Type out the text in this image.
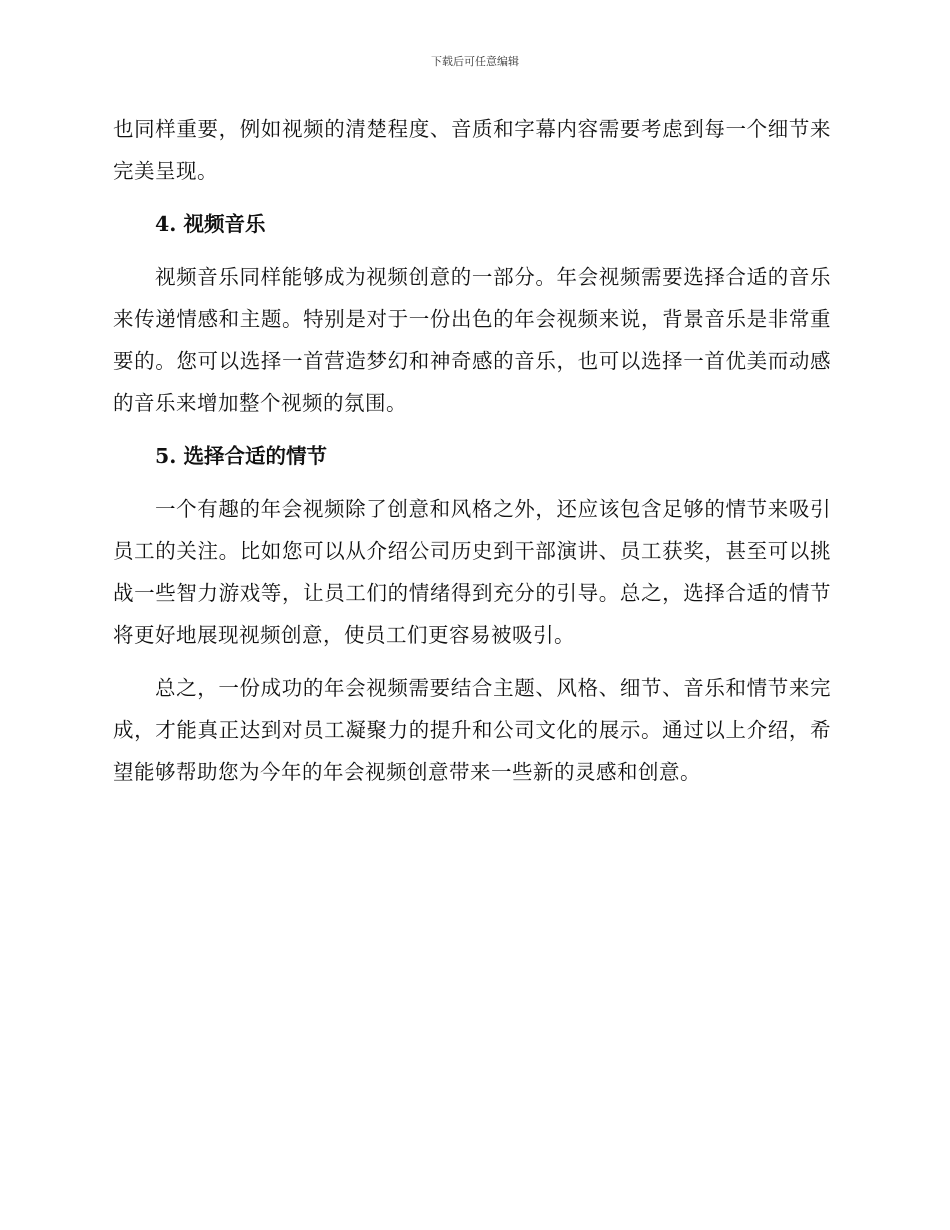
下载后可任意编辑

也同样重要，例如视频的清楚程度、音质和字幕内容需要考虑到每一个细节来完美呈现。

4. 视频音乐

视频音乐同样能够成为视频创意的一部分。年会视频需要选择合适的音乐来传递情感和主题。特别是对于一份出色的年会视频来说，背景音乐是非常重要的。您可以选择一首营造梦幻和神奇感的音乐，也可以选择一首优美而动感的音乐来增加整个视频的氛围。

5. 选择合适的情节

一个有趣的年会视频除了创意和风格之外，还应该包含足够的情节来吸引员工的关注。比如您可以从介绍公司历史到干部演讲、员工获奖，甚至可以挑战一些智力游戏等，让员工们的情绪得到充分的引导。总之，选择合适的情节将更好地展现视频创意，使员工们更容易被吸引。

总之，一份成功的年会视频需要结合主题、风格、细节、音乐和情节来完成，才能真正达到对员工凝聚力的提升和公司文化的展示。通过以上介绍，希望能够帮助您为今年的年会视频创意带来一些新的灵感和创意。
